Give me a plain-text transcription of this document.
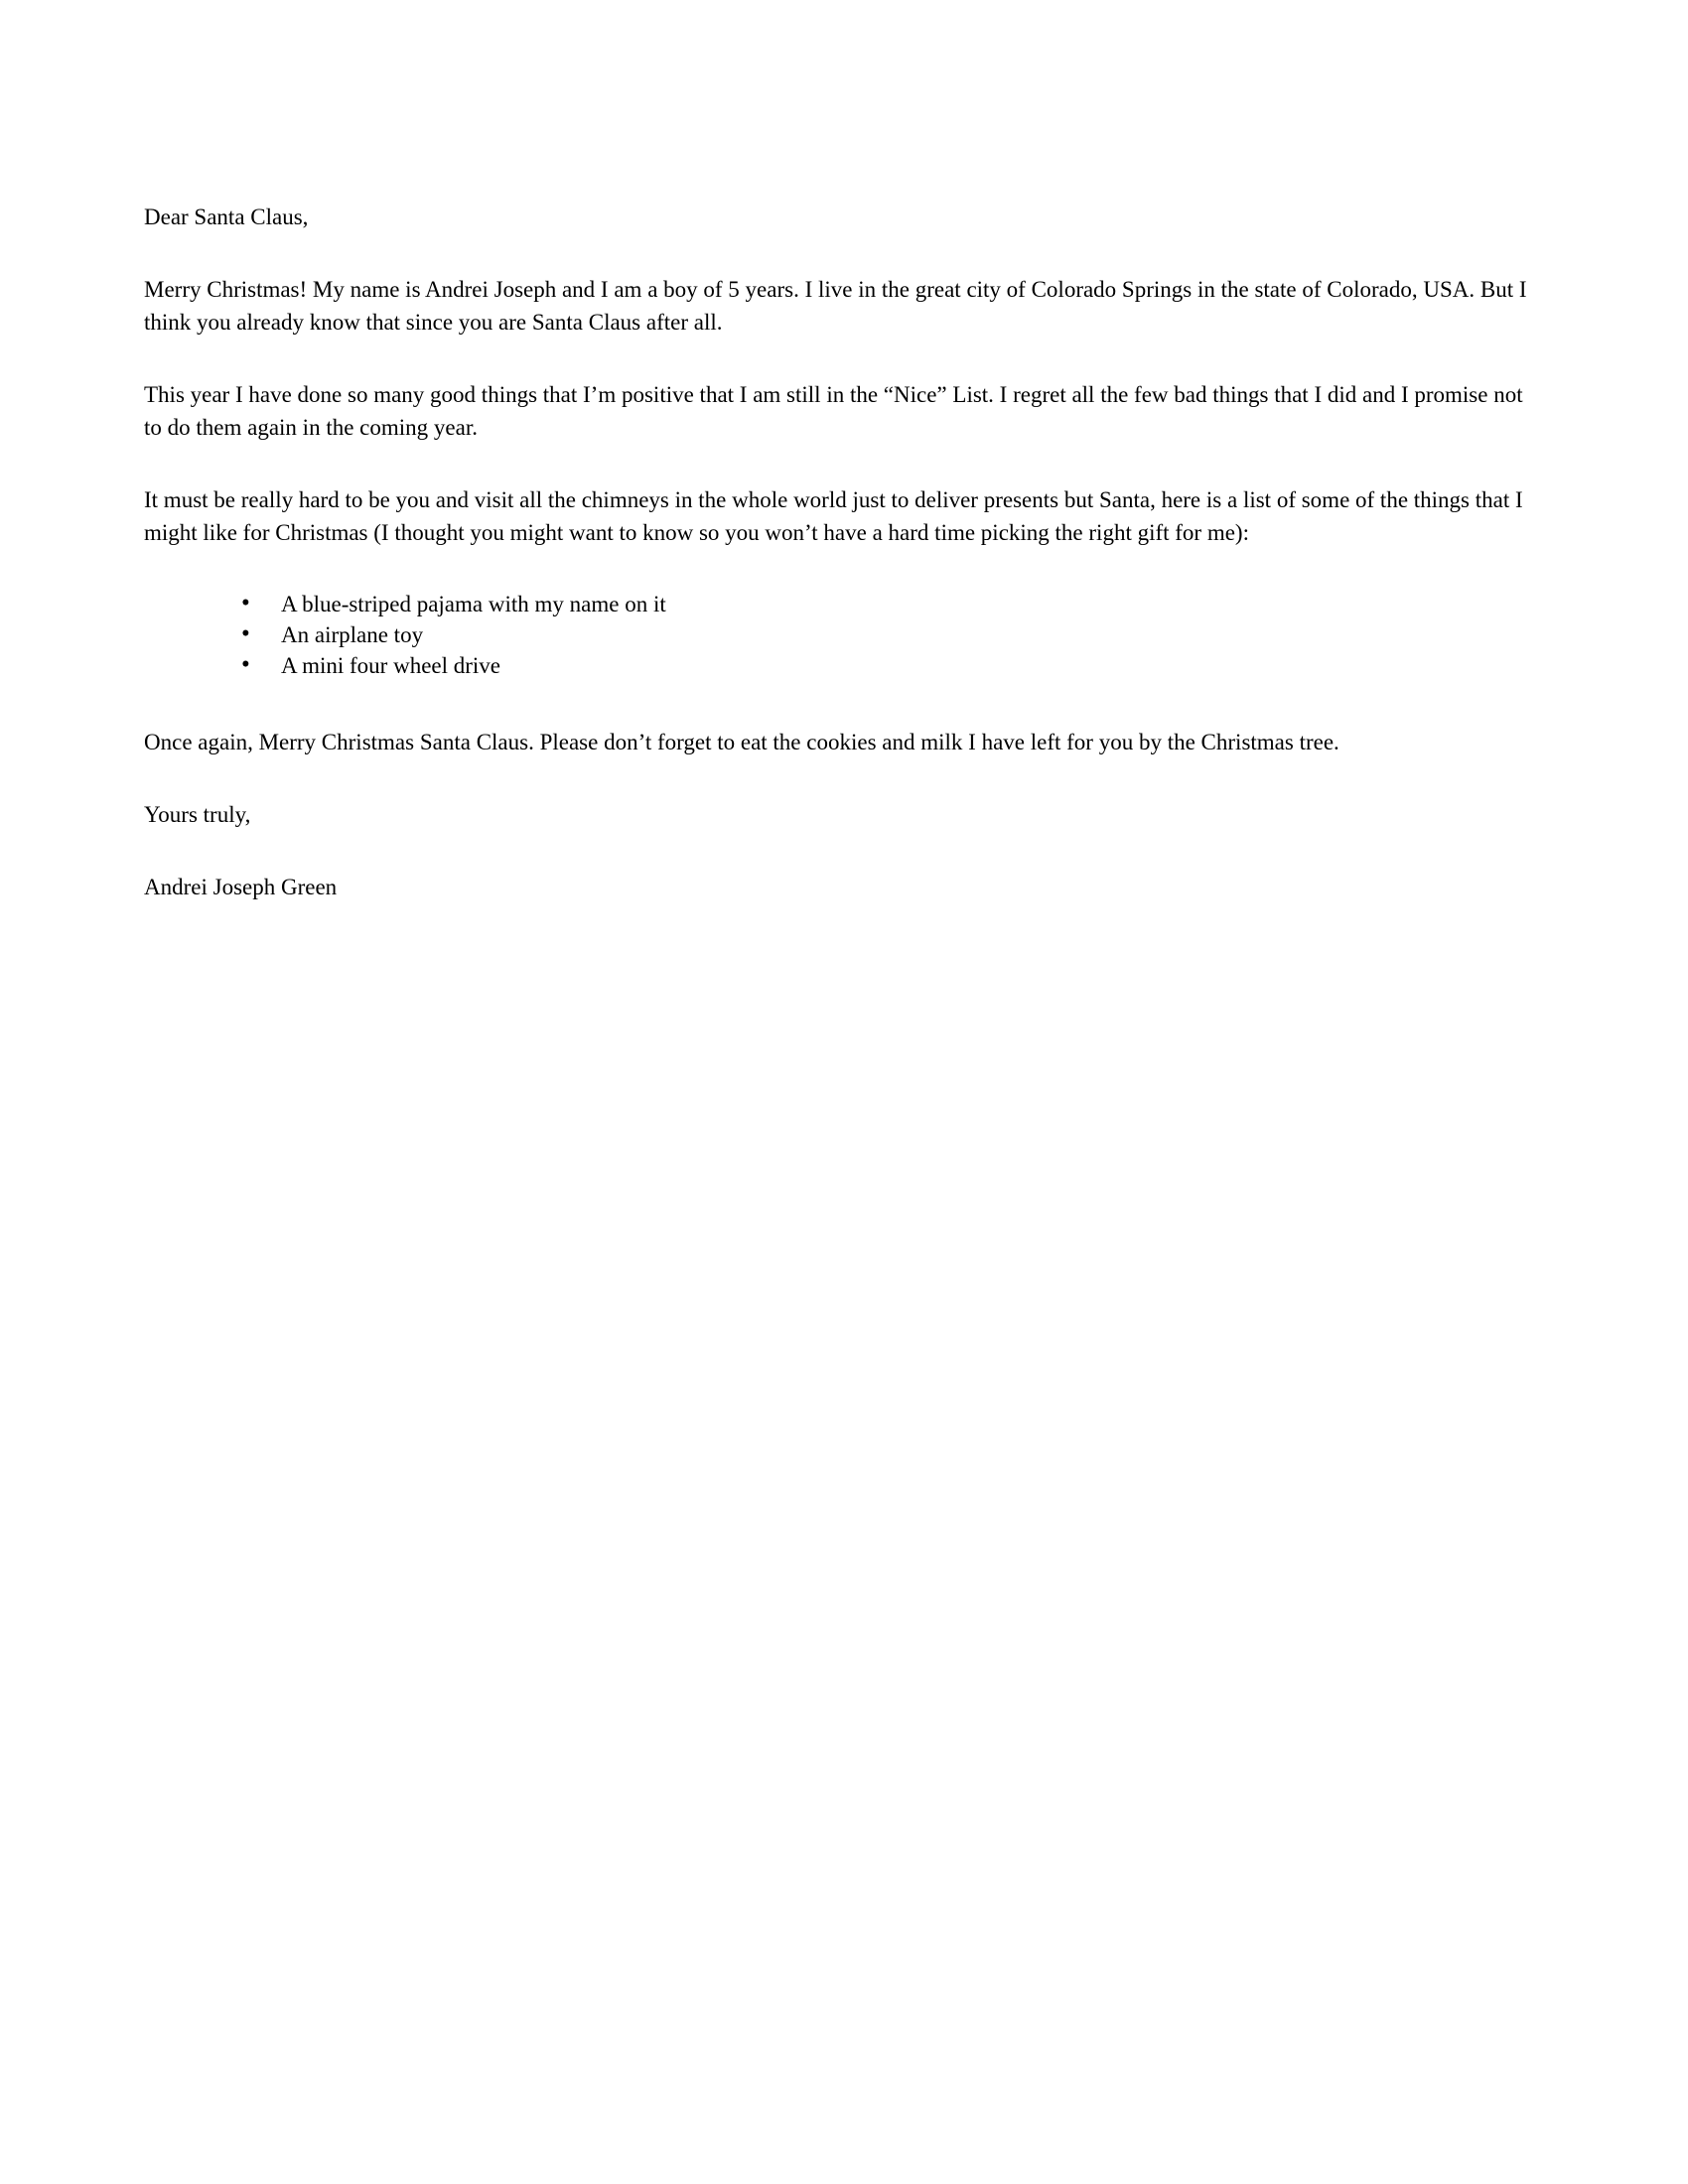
Dear Santa Claus,

Merry Christmas! My name is Andrei Joseph and I am a boy of 5 years. I live in the great city of Colorado Springs in the state of Colorado, USA. But I think you already know that since you are Santa Claus after all.

This year I have done so many good things that I’m positive that I am still in the “Nice” List. I regret all the few bad things that I did and I promise not to do them again in the coming year.

It must be really hard to be you and visit all the chimneys in the whole world just to deliver presents but Santa, here is a list of some of the things that I might like for Christmas (I thought you might want to know so you won’t have a hard time picking the right gift for me):

• A blue-striped pajama with my name on it
• An airplane toy
• A mini four wheel drive

Once again, Merry Christmas Santa Claus. Please don’t forget to eat the cookies and milk I have left for you by the Christmas tree.

Yours truly,

Andrei Joseph Green
